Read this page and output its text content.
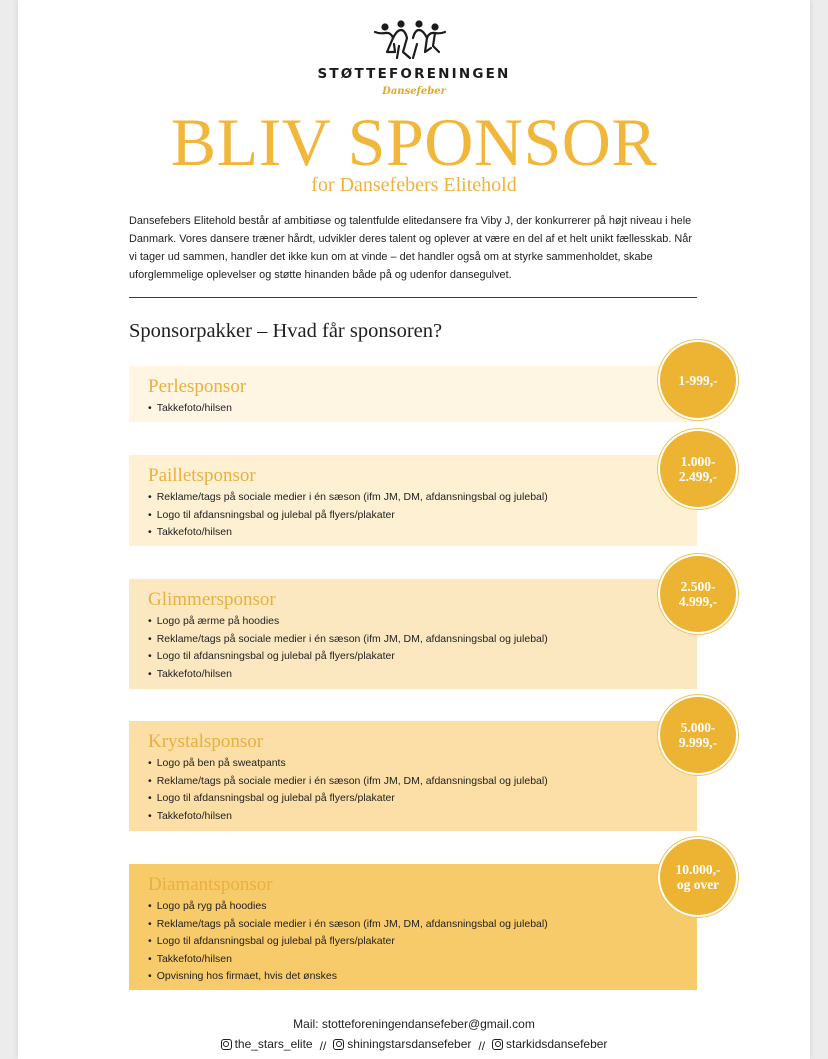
STØTTEFORENINGEN
Dansefeber
BLIV SPONSOR
for Dansefebers Elitehold
Dansefebers Elitehold består af ambitiøse og talentfulde elitedansere fra Viby J, der konkurrerer på højt niveau i hele Danmark. Vores dansere træner hårdt, udvikler deres talent og oplever at være en del af et helt unikt fællesskab. Når vi tager ud sammen, handler det ikke kun om at vinde – det handler også om at styrke sammenholdet, skabe uforglemmelige oplevelser og støtte hinanden både på og udenfor dansegulvet.
Sponsorpakker – Hvad får sponsoren?
Perlesponsor
• Takkefoto/hilsen
1-999,-
Pailletsponsor
• Reklame/tags på sociale medier i én sæson (ifm JM, DM, afdansningsbal og julebal)
• Logo til afdansningsbal og julebal på flyers/plakater
• Takkefoto/hilsen
1.000-
2.499,-
Glimmersponsor
• Logo på ærme på hoodies
• Reklame/tags på sociale medier i én sæson (ifm JM, DM, afdansningsbal og julebal)
• Logo til afdansningsbal og julebal på flyers/plakater
• Takkefoto/hilsen
2.500-
4.999,-
Krystalsponsor
• Logo på ben på sweatpants
• Reklame/tags på sociale medier i én sæson (ifm JM, DM, afdansningsbal og julebal)
• Logo til afdansningsbal og julebal på flyers/plakater
• Takkefoto/hilsen
5.000-
9.999,-
Diamantsponsor
• Logo på ryg på hoodies
• Reklame/tags på sociale medier i én sæson (ifm JM, DM, afdansningsbal og julebal)
• Logo til afdansningsbal og julebal på flyers/plakater
• Takkefoto/hilsen
• Opvisning hos firmaet, hvis det ønskes
10.000,-
og over
Mail: stotteforeningendansefeber@gmail.com
the_stars_elite // shiningstarsdansefeber // starkidsdansefeber
